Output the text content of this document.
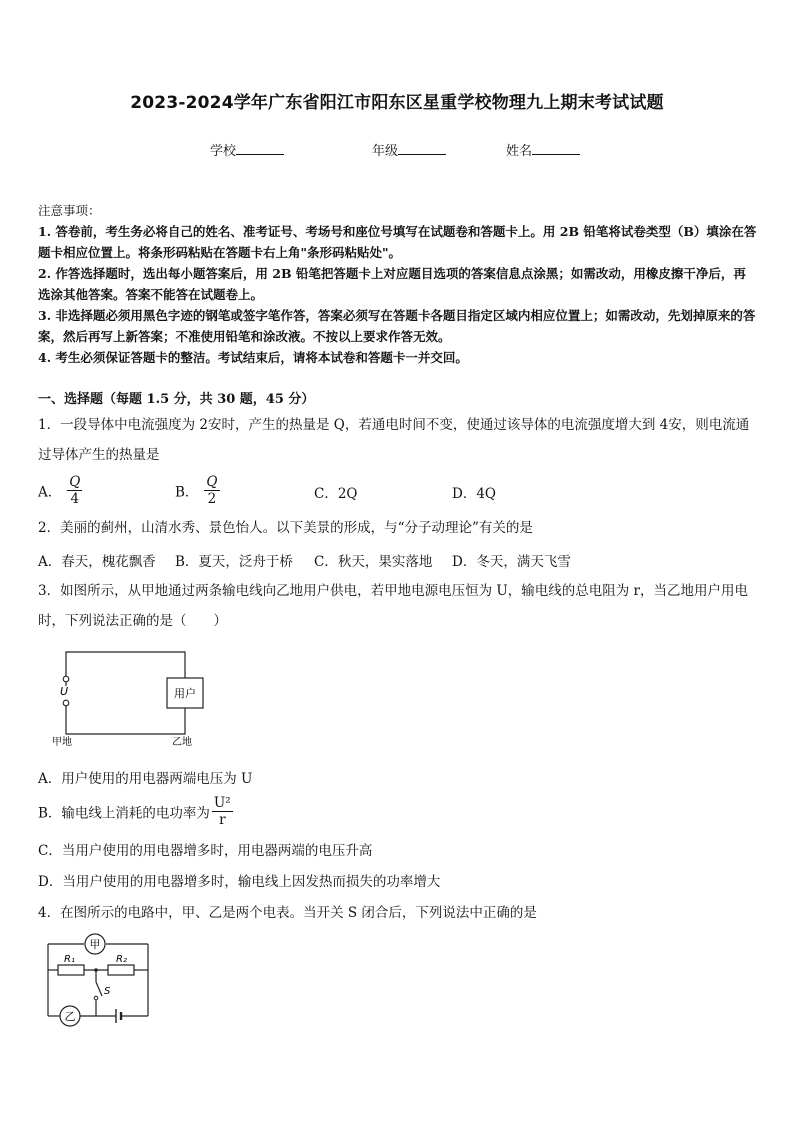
2023-2024学年广东省阳江市阳东区星重学校物理九上期末考试试题
学校	年级	姓名
注意事项：
1. 答卷前，考生务必将自己的姓名、准考证号、考场号和座位号填写在试题卷和答题卡上。用 2B 铅笔将试卷类型（B）填涂在答题卡相应位置上。将条形码粘贴在答题卡右上角"条形码粘贴处"。
2. 作答选择题时，选出每小题答案后，用 2B 铅笔把答题卡上对应题目选项的答案信息点涂黑；如需改动，用橡皮擦干净后，再选涂其他答案。答案不能答在试题卷上。
3. 非选择题必须用黑色字迹的钢笔或签字笔作答，答案必须写在答题卡各题目指定区域内相应位置上；如需改动，先划掉原来的答案，然后再写上新答案；不准使用铅笔和涂改液。不按以上要求作答无效。
4. 考生必须保证答题卡的整洁。考试结束后，请将本试卷和答题卡一并交回。
一、选择题（每题 1.5 分，共 30 题，45 分）
1．一段导体中电流强度为 2安时，产生的热量是 Q，若通电时间不变，使通过该导体的电流强度增大到 4安，则电流通过导体产生的热量是
A． $\frac{Q}{4}$	B． $\frac{Q}{2}$	C．2Q	D．4Q
2．美丽的蓟州，山清水秀、景色怡人。以下美景的形成，与“分子动理论”有关的是
A．春天，槐花飘香 B．夏天，泛舟于桥 C．秋天，果实落地 D．冬天，满天飞雪
3．如图所示，从甲地通过两条输电线向乙地用户供电，若甲地电源电压恒为 U，输电线的总电阻为 r，当乙地用户用电时，下列说法正确的是（　　）
用户
U
甲地	乙地
A．用户使用的用电器两端电压为 U
B．输电线上消耗的电功率为 $\frac{\text{U²}}{r}$
C．当用户使用的用电器增多时，用电器两端的电压升高
D．当用户使用的用电器增多时，输电线上因发热而损失的功率增大
4．在图所示的电路中，甲、乙是两个电表。当开关 S 闭合后，下列说法中正确的是
甲
R₁	R₂
S
乙
